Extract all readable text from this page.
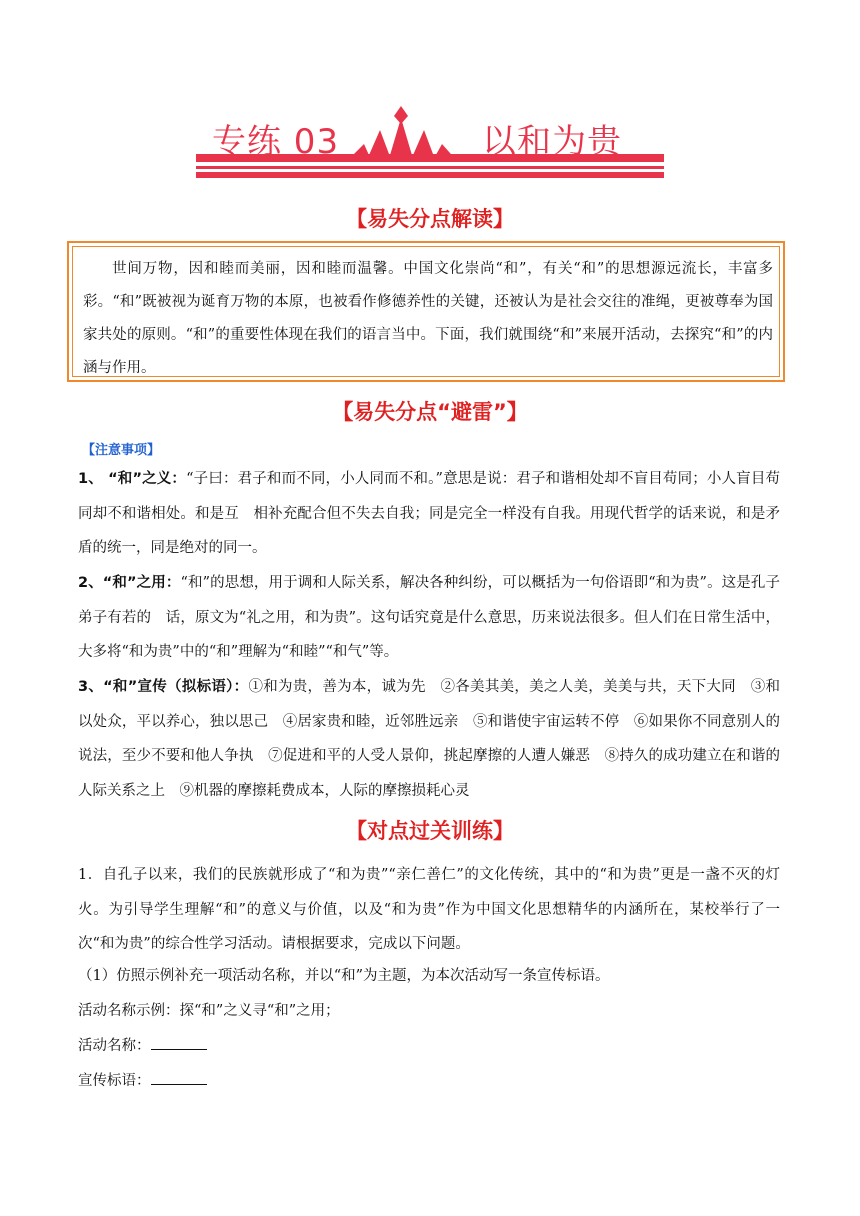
专练 03	以和为贵
【易失分点解读】

世间万物，因和睦而美丽，因和睦而温馨。中国文化崇尚“和”，有关“和”的思想源远流长，丰富多彩。“和”既被视为诞育万物的本原，也被看作修德养性的关键，还被认为是社会交往的准绳，更被尊奉为国家共处的原则。“和”的重要性体现在我们的语言当中。下面，我们就围绕“和”来展开活动，去探究“和”的内涵与作用。

【易失分点“避雷”】
【注意事项】
1、 “和”之义：“子曰：君子和而不同，小人同而不和。”意思是说：君子和谐相处却不盲目苟同；小人盲目苟同却不和谐相处。和是互　相补充配合但不失去自我；同是完全一样没有自我。用现代哲学的话来说，和是矛盾的统一，同是绝对的同一。
2、“和”之用：“和”的思想，用于调和人际关系，解决各种纠纷，可以概括为一句俗语即“和为贵”。这是孔子弟子有若的　话，原文为“礼之用，和为贵”。这句话究竟是什么意思，历来说法很多。但人们在日常生活中，大多将“和为贵”中的“和”理解为“和睦”“和气”等。
3、“和”宣传（拟标语）：①和为贵，善为本，诚为先　②各美其美，美之人美，美美与共，天下大同　③和以处众，平以养心，独以思己　④居家贵和睦，近邻胜远亲　⑤和谐使宇宙运转不停　⑥如果你不同意别人的说法，至少不要和他人争执　⑦促进和平的人受人景仰，挑起摩擦的人遭人嫌恶　⑧持久的成功建立在和谐的人际关系之上　⑨机器的摩擦耗费成本，人际的摩擦损耗心灵
【对点过关训练】
1．自孔子以来，我们的民族就形成了“和为贵”“亲仁善仁”的文化传统，其中的“和为贵”更是一盏不灭的灯火。为引导学生理解“和”的意义与价值，以及“和为贵”作为中国文化思想精华的内涵所在，某校举行了一次“和为贵”的综合性学习活动。请根据要求，完成以下问题。
（1）仿照示例补充一项活动名称，并以“和”为主题，为本次活动写一条宣传标语。
活动名称示例：探“和”之义寻“和”之用；
活动名称：
宣传标语：
